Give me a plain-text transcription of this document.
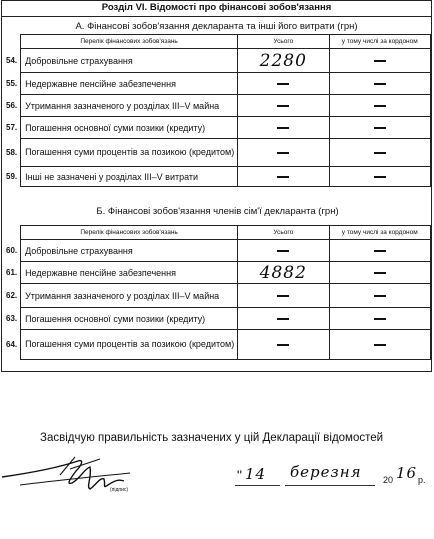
Розділ VI. Відомості про фінансові зобов'язання
А. Фінансові зобов'язання декларанта та інші його витрати (грн)
	Перелік фінансових зобов'язань	Усього	у тому числі за кордоном
54.	Добровільне страхування	2280	
55.	Недержавне пенсійне забезпечення		
56.	Утримання зазначеного у розділах ІІІ–V майна		
57.	Погашення основної суми позики (кредиту)		
58.	Погашення суми процентів за позикою (кредитом)		
59.	Інші не зазначені у розділах ІІІ–V витрати		
Б. Фінансові зобов'язання членів сім'ї декларанта (грн)
	Перелік фінансових зобов'язань	Усього	у тому числі за кордоном
60.	Добровільне страхування		
61.	Недержавне пенсійне забезпечення	4882	
62.	Утримання зазначеного у розділах ІІІ–V майна		
63.	Погашення основної суми позики (кредиту)		
64.	Погашення суми процентів за позикою (кредитом)		
Засвідчую правильність зазначених у цій Декларації відомостей
(підпис)
" 14 березня 20 16 р.
